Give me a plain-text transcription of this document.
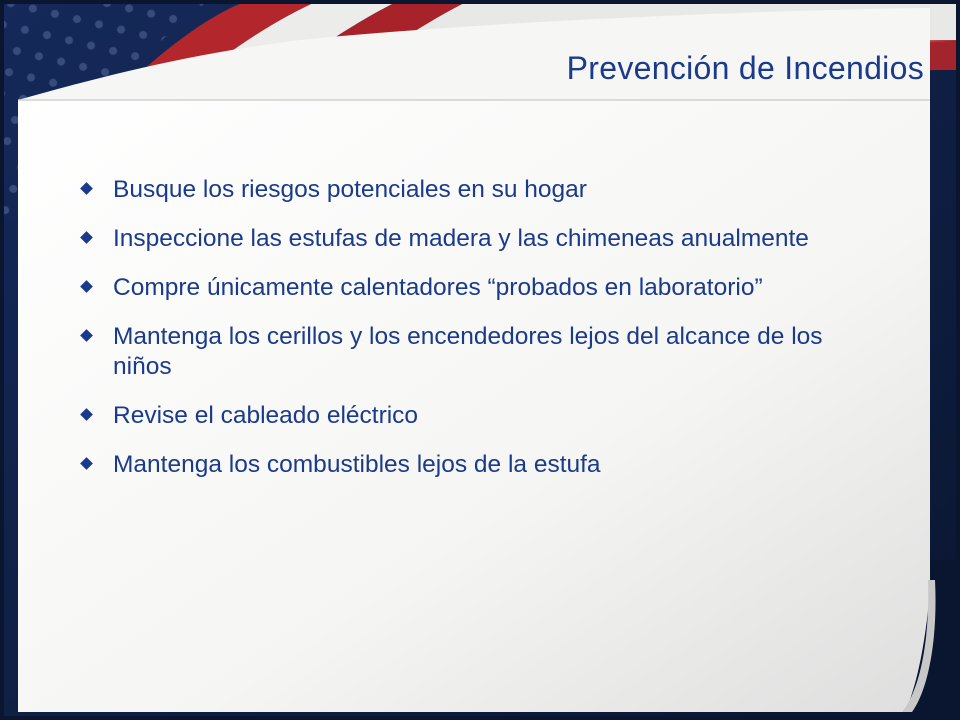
Prevención de Incendios
Busque los riesgos potenciales en su hogar
Inspeccione las estufas de madera y las chimeneas anualmente
Compre únicamente calentadores “probados en laboratorio”
Mantenga los cerillos y los encendedores lejos del alcance de los niños
Revise el cableado eléctrico
Mantenga los combustibles lejos de la estufa
